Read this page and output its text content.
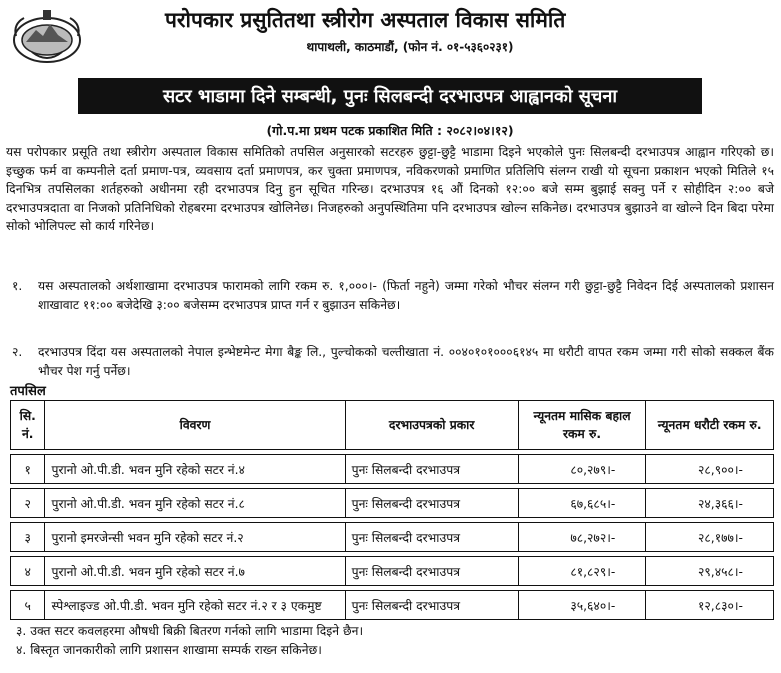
परोपकार प्रसुतितथा स्त्रीरोग अस्पताल विकास समिति
थापाथली, काठमाडौं, (फोन नं. ०१-५३६०२३१)
सटर भाडामा दिने सम्बन्धी, पुनः सिलबन्दी दरभाउपत्र आह्वानको सूचना
(गो.प.मा प्रथम पटक प्रकाशित मिति : २०८२।०४।१२)
यस परोपकार प्रसूति तथा स्त्रीरोग अस्पताल विकास समितिको तपसिल अनुसारको सटरहरु छुट्टा-छुट्टै भाडामा दिइने भएकोले पुनः सिलबन्दी दरभाउपत्र आह्वान गरिएको छ। इच्छुक फर्म वा कम्पनीले दर्ता प्रमाण-पत्र, व्यवसाय दर्ता प्रमाणपत्र, कर चुक्ता प्रमाणपत्र, नविकरणको प्रमाणित प्रतिलिपि संलग्न राखी यो सूचना प्रकाशन भएको मितिले १५ दिनभित्र तपसिलका शर्तहरुको अधीनमा रही दरभाउपत्र दिनु हुन सूचित गरिन्छ। दरभाउपत्र १६ औं दिनको १२:०० बजे सम्म बुझाई सक्नु पर्ने र सोहीदिन २:०० बजे दरभाउपत्रदाता वा निजको प्रतिनिधिको रोहबरमा दरभाउपत्र खोलिनेछ। निजहरुको अनुपस्थितिमा पनि दरभाउपत्र खोल्न सकिनेछ। दरभाउपत्र बुझाउने वा खोल्ने दिन बिदा परेमा सोको भोलिपल्ट सो कार्य गरिनेछ।
१. यस अस्पतालको अर्थशाखामा दरभाउपत्र फारामको लागि रकम रु. १,०००।- (फिर्ता नहुने) जम्मा गरेको भौचर संलग्न गरी छुट्टा-छुट्टै निवेदन दिई अस्पतालको प्रशासन शाखावाट ११:०० बजेदेखि ३:०० बजेसम्म दरभाउपत्र प्राप्त गर्न र बुझाउन सकिनेछ।
२. दरभाउपत्र दिंदा यस अस्पतालको नेपाल इन्भेष्टमेन्ट मेगा बैङ्क लि., पुल्चोकको चल्तीखाता नं. ००४०१०१०००६१४५ मा धरौटी वापत रकम जम्मा गरी सोको सक्कल बैंक भौचर पेश गर्नु पर्नेछ।
तपसिल
सि. नं.	विवरण	दरभाउपत्रको प्रकार	न्यूनतम मासिक बहाल रकम रु.	न्यूनतम धरौटी रकम रु.

१	पुरानो ओ.पी.डी. भवन मुनि रहेको सटर नं.४	पुनः सिलबन्दी दरभाउपत्र	८०,२७९।-	२८,९००।-

२	पुरानो ओ.पी.डी. भवन मुनि रहेको सटर नं.८	पुनः सिलबन्दी दरभाउपत्र	६७,६८५।-	२४,३६६।-

३	पुरानो इमरजेन्सी भवन मुनि रहेको सटर नं.२	पुनः सिलबन्दी दरभाउपत्र	७८,२७२।-	२८,१७७।-

४	पुरानो ओ.पी.डी. भवन मुनि रहेको सटर नं.७	पुनः सिलबन्दी दरभाउपत्र	८१,८२९।-	२९,४५८।-

५	स्पेश्लाइज्ड ओ.पी.डी. भवन मुनि रहेको सटर नं.२ र ३ एकमुष्ट	पुनः सिलबन्दी दरभाउपत्र	३५,६४०।-	१२,८३०।-
३. उक्त सटर कवलहरमा औषधी बिक्री बितरण गर्नको लागि भाडामा दिइने छैन।
४. बिस्तृत जानकारीको लागि प्रशासन शाखामा सम्पर्क राख्न सकिनेछ।
